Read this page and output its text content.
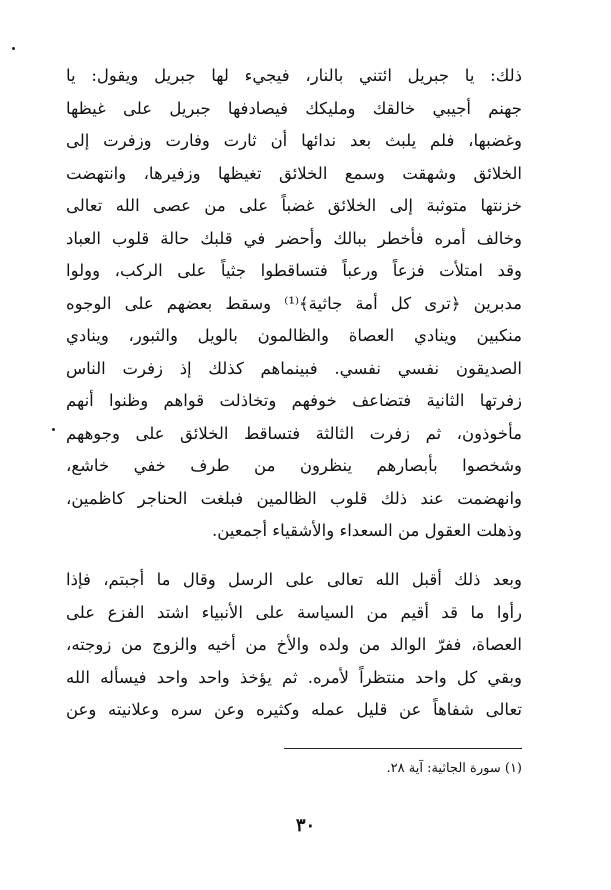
ذلك: يا جبريل ائتني بالنار، فيجيء لها جبريل ويقول: يا
جهنم أجيبي خالقك ومليكك فيصادفها جبريل على غيظها
وغضبها، فلم يلبث بعد ندائها أن ثارت وفارت وزفرت إلى
الخلائق وشهقت وسمع الخلائق تغيظها وزفيرها، وانتهضت
خزنتها متوثبة إلى الخلائق غضباً على من عصى الله تعالى
وخالف أمره فأخطر ببالك وأحضر في قلبك حالة قلوب العباد
وقد امتلأت فزعاً ورعباً فتساقطوا جثياً على الركب، وولوا
مدبرين ﴿ترى كل أمة جاثية﴾⁽¹⁾ وسقط بعضهم على الوجوه
منكبين وينادي العصاة والظالمون بالويل والثبور، وينادي
الصديقون نفسي نفسي. فبينماهم كذلك إذ زفرت الناس
زفرتها الثانية فتضاعف خوفهم وتخاذلت قواهم وظنوا أنهم
مأخوذون، ثم زفرت الثالثة فتساقط الخلائق على وجوههم
وشخصوا بأبصارهم ينظرون من طرف خفي خاشع،
وانهضمت عند ذلك قلوب الظالمين فبلغت الحناجر كاظمين،
وذهلت العقول من السعداء والأشقياء أجمعين.
وبعد ذلك أقبل الله تعالى على الرسل وقال ما أجبتم، فإذا
رأوا ما قد أقيم من السياسة على الأنبياء اشتد الفزع على
العصاة، ففرّ الوالد من ولده والأخ من أخيه والزوج من زوجته،
وبقي كل واحد منتظراً لأمره. ثم يؤخذ واحد واحد فيسأله الله
تعالى شفاهاً عن قليل عمله وكثيره وعن سره وعلانيته وعن
(١) سورة الجاثية: آية ٢٨.
٣٠
